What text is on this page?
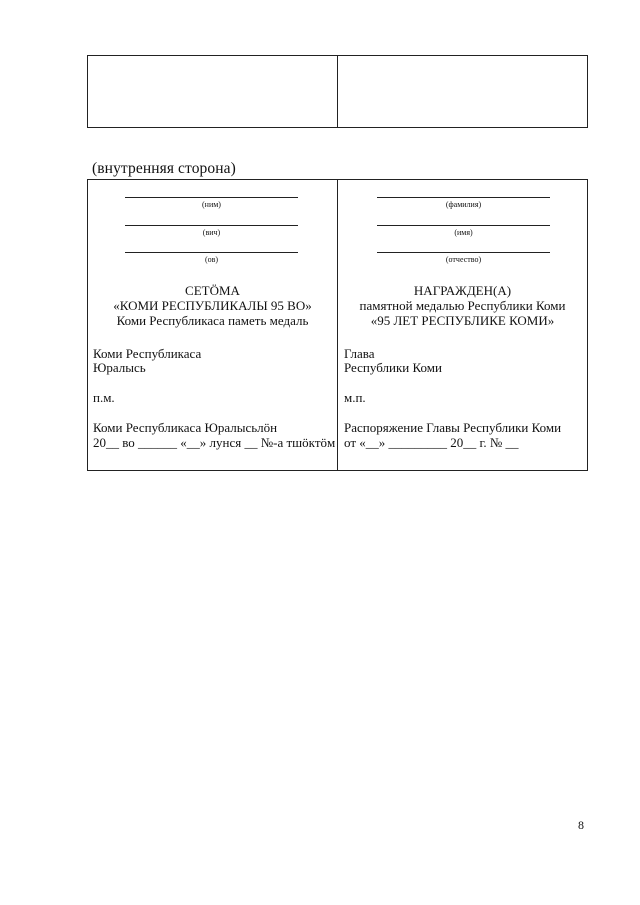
(внутренняя сторона)
(ним)
(вич)
(ов)
СЕТÖМА
«КОМИ РЕСПУБЛИКАЛЫ 95 ВО»
Коми Республикаса паметь медаль
Коми Республикаса
Юралысь
п.м.
Коми Республикаса Юралысьлöн
20__ во ______ «__» лунся __ №-а тшöктöм
(фамилия)
(имя)
(отчество)
НАГРАЖДЕН(А)
памятной медалью Республики Коми
«95 ЛЕТ РЕСПУБЛИКЕ КОМИ»
Глава
Республики Коми
м.п.
Распоряжение Главы Республики Коми
от «__» _________ 20__ г. № __
8
